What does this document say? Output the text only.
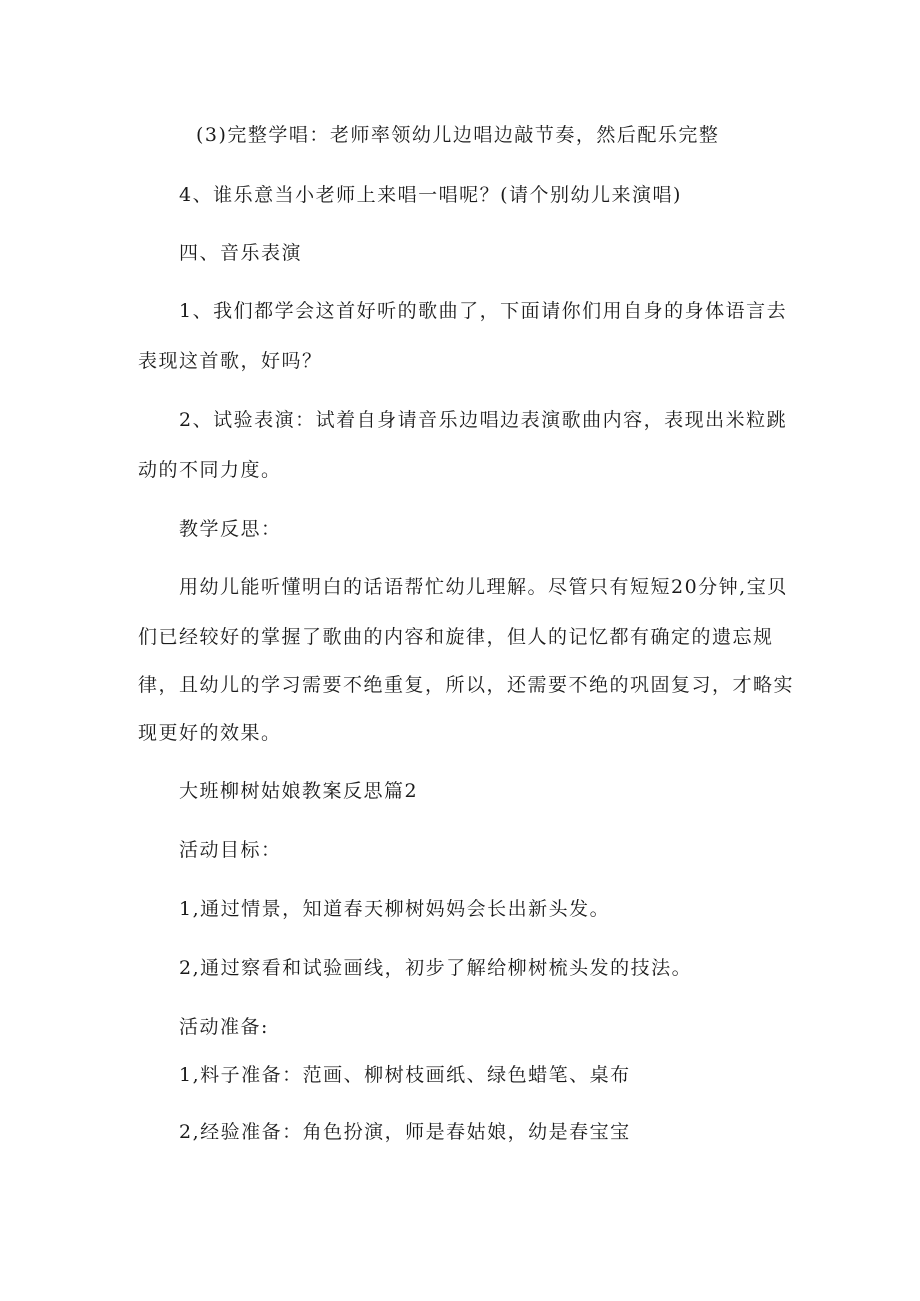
(3)完整学唱：老师率领幼儿边唱边敲节奏，然后配乐完整
4、谁乐意当小老师上来唱一唱呢？(请个别幼儿来演唱)
四、音乐表演
1、我们都学会这首好听的歌曲了，下面请你们用自身的身体语言去
表现这首歌，好吗？
2、试验表演：试着自身请音乐边唱边表演歌曲内容，表现出米粒跳
动的不同力度。
教学反思：
用幼儿能听懂明白的话语帮忙幼儿理解。尽管只有短短20分钟,宝贝
们已经较好的掌握了歌曲的内容和旋律，但人的记忆都有确定的遗忘规
律，且幼儿的学习需要不绝重复，所以，还需要不绝的巩固复习，才略实
现更好的效果。
大班柳树姑娘教案反思篇2
活动目标：
1,通过情景，知道春天柳树妈妈会长出新头发。
2,通过察看和试验画线，初步了解给柳树梳头发的技法。
活动准备:
1,料子准备：范画、柳树枝画纸、绿色蜡笔、桌布
2,经验准备：角色扮演，师是春姑娘，幼是春宝宝
